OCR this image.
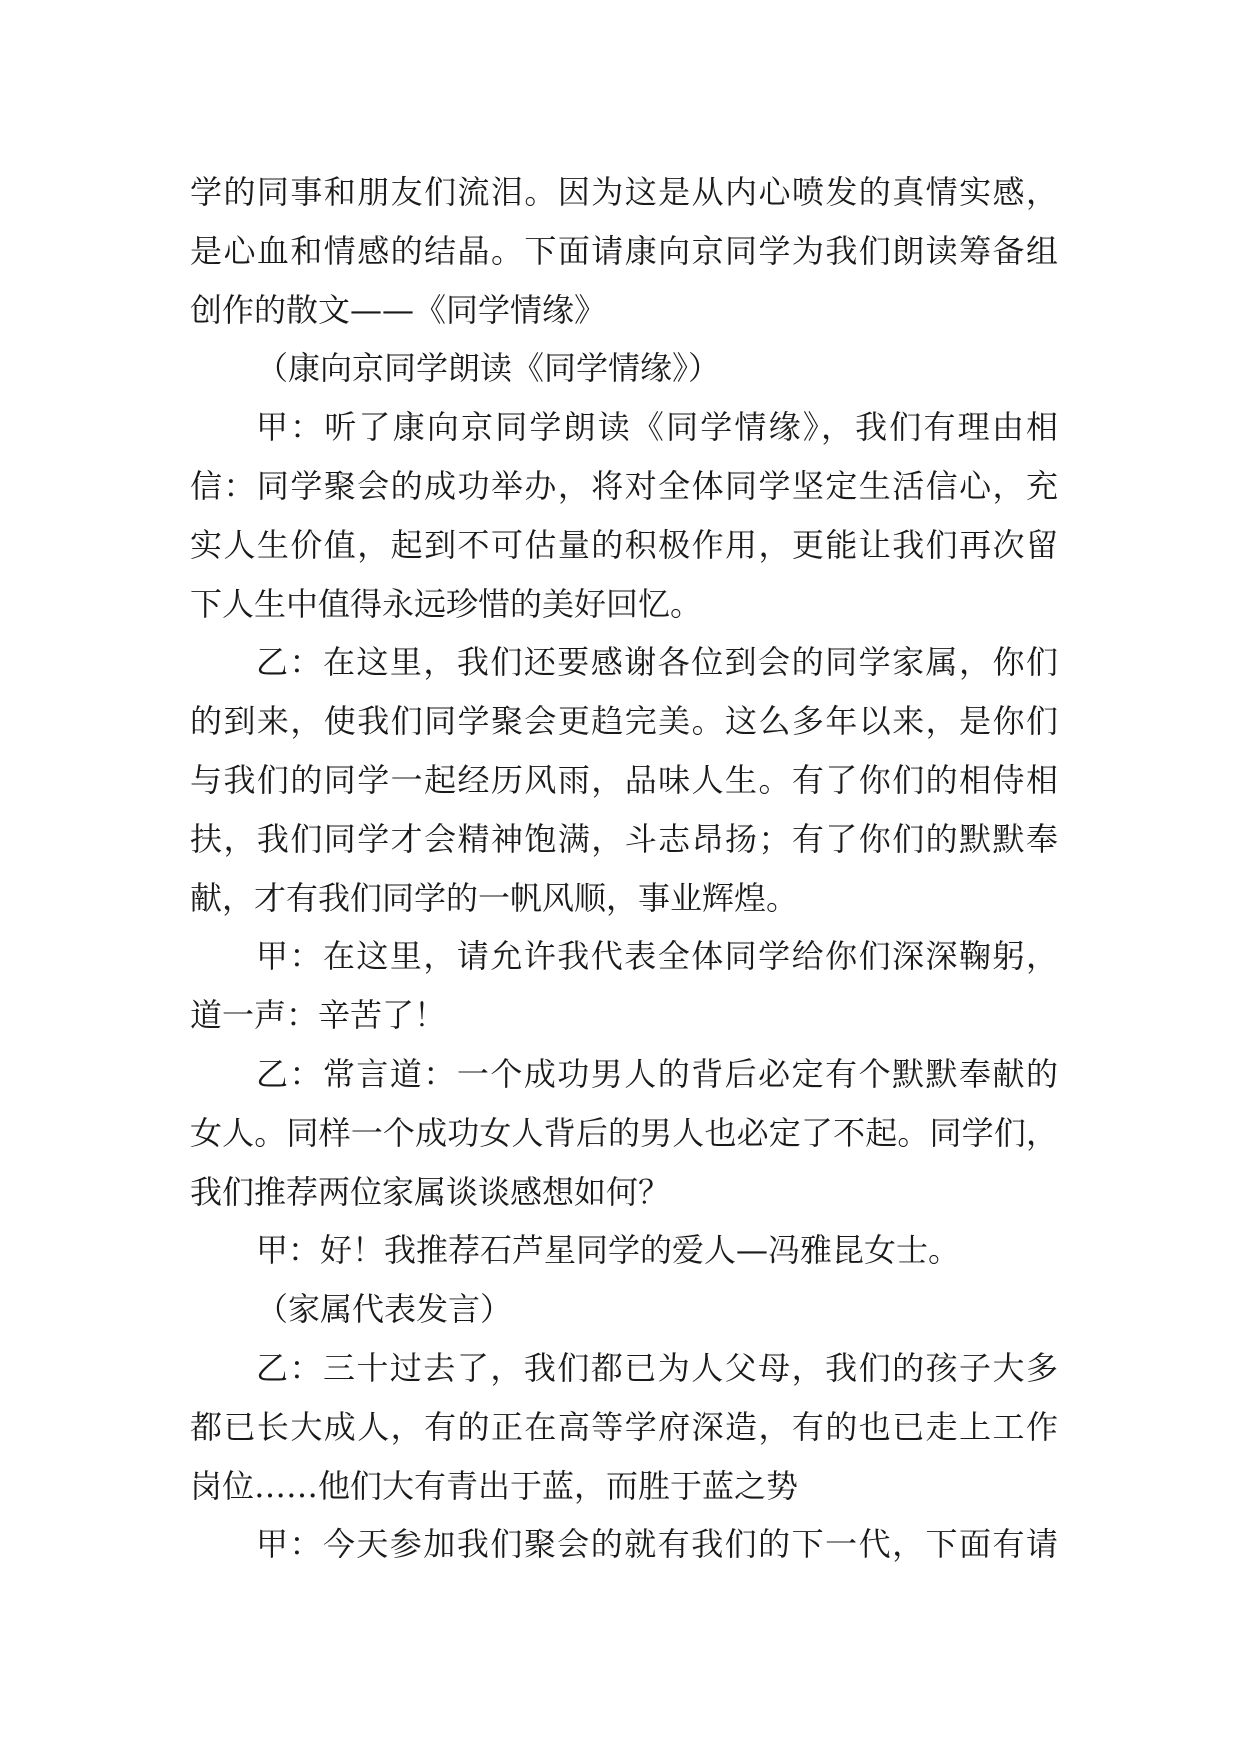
学的同事和朋友们流泪。因为这是从内心喷发的真情实感，
是心血和情感的结晶。下面请康向京同学为我们朗读筹备组
创作的散文——《同学情缘》
（康向京同学朗读《同学情缘》）
甲：听了康向京同学朗读《同学情缘》，我们有理由相
信：同学聚会的成功举办，将对全体同学坚定生活信心，充
实人生价值，起到不可估量的积极作用，更能让我们再次留
下人生中值得永远珍惜的美好回忆。
乙：在这里，我们还要感谢各位到会的同学家属，你们
的到来，使我们同学聚会更趋完美。这么多年以来，是你们
与我们的同学一起经历风雨，品味人生。有了你们的相侍相
扶，我们同学才会精神饱满，斗志昂扬；有了你们的默默奉
献，才有我们同学的一帆风顺，事业辉煌。
甲：在这里，请允许我代表全体同学给你们深深鞠躬，
道一声：辛苦了！
乙：常言道：一个成功男人的背后必定有个默默奉献的
女人。同样一个成功女人背后的男人也必定了不起。同学们，
我们推荐两位家属谈谈感想如何？
甲：好！我推荐石芦星同学的爱人—冯雅昆女士。
（家属代表发言）
乙：三十过去了，我们都已为人父母，我们的孩子大多
都已长大成人，有的正在高等学府深造，有的也已走上工作
岗位……他们大有青出于蓝，而胜于蓝之势
甲：今天参加我们聚会的就有我们的下一代，下面有请
